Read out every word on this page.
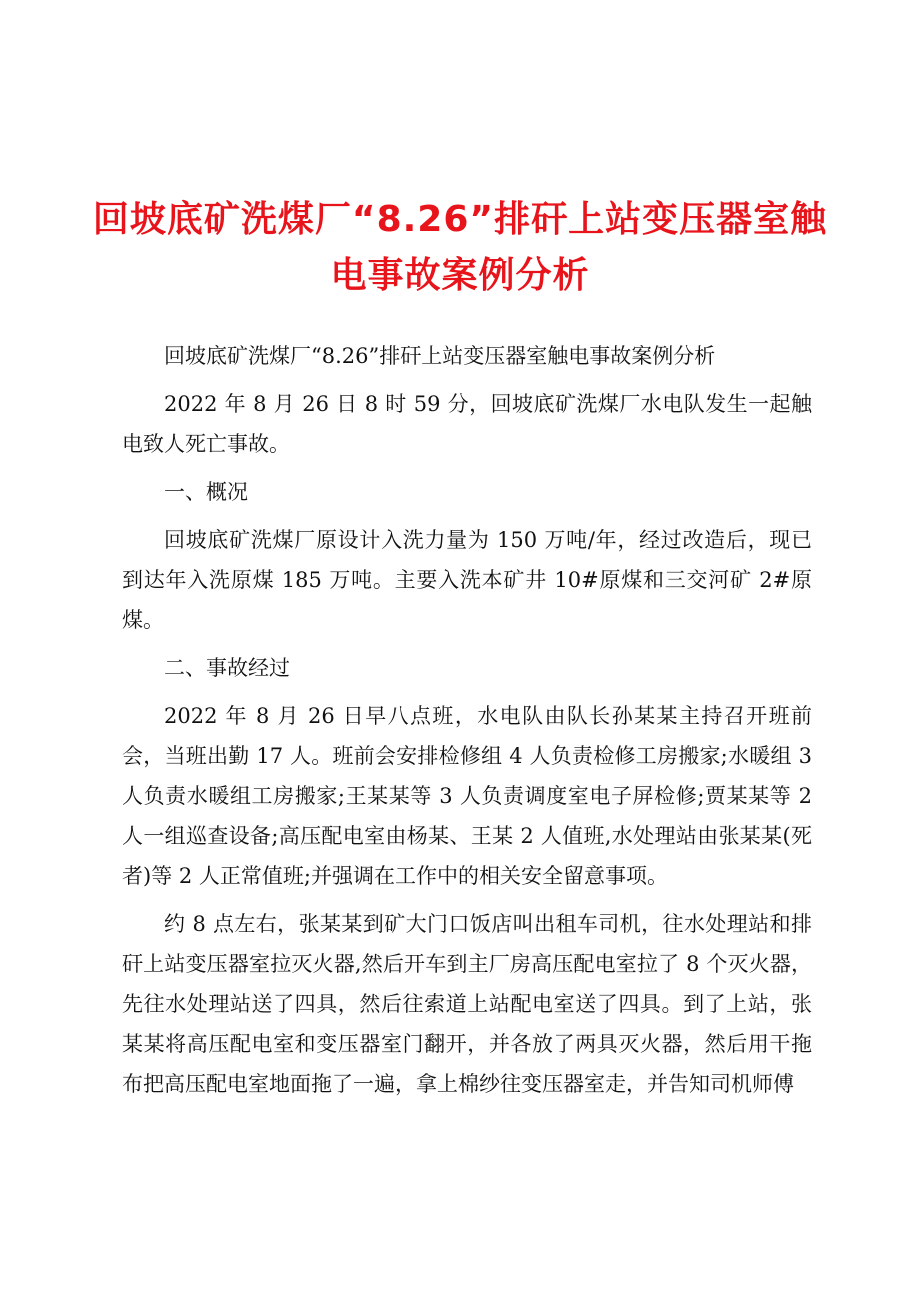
回坡底矿洗煤厂“8.26”排矸上站变压器室触电事故案例分析

回坡底矿洗煤厂“8.26”排矸上站变压器室触电事故案例分析

2022 年 8 月 26 日 8 时 59 分，回坡底矿洗煤厂水电队发生一起触电致人死亡事故。

一、概况

回坡底矿洗煤厂原设计入洗力量为 150 万吨/年，经过改造后，现已到达年入洗原煤 185 万吨。主要入洗本矿井 10#原煤和三交河矿 2#原煤。

二、事故经过

2022 年 8 月 26 日早八点班，水电队由队长孙某某主持召开班前会，当班出勤 17 人。班前会安排检修组 4 人负责检修工房搬家;水暖组 3 人负责水暖组工房搬家;王某某等 3 人负责调度室电子屏检修;贾某某等 2 人一组巡查设备;高压配电室由杨某、王某 2 人值班,水处理站由张某某(死者)等 2 人正常值班;并强调在工作中的相关安全留意事项。

约 8 点左右，张某某到矿大门口饭店叫出租车司机，往水处理站和排矸上站变压器室拉灭火器,然后开车到主厂房高压配电室拉了 8 个灭火器，先往水处理站送了四具，然后往索道上站配电室送了四具。到了上站，张某某将高压配电室和变压器室门翻开，并各放了两具灭火器，然后用干拖布把高压配电室地面拖了一遍，拿上棉纱往变压器室走，并告知司机师傅
